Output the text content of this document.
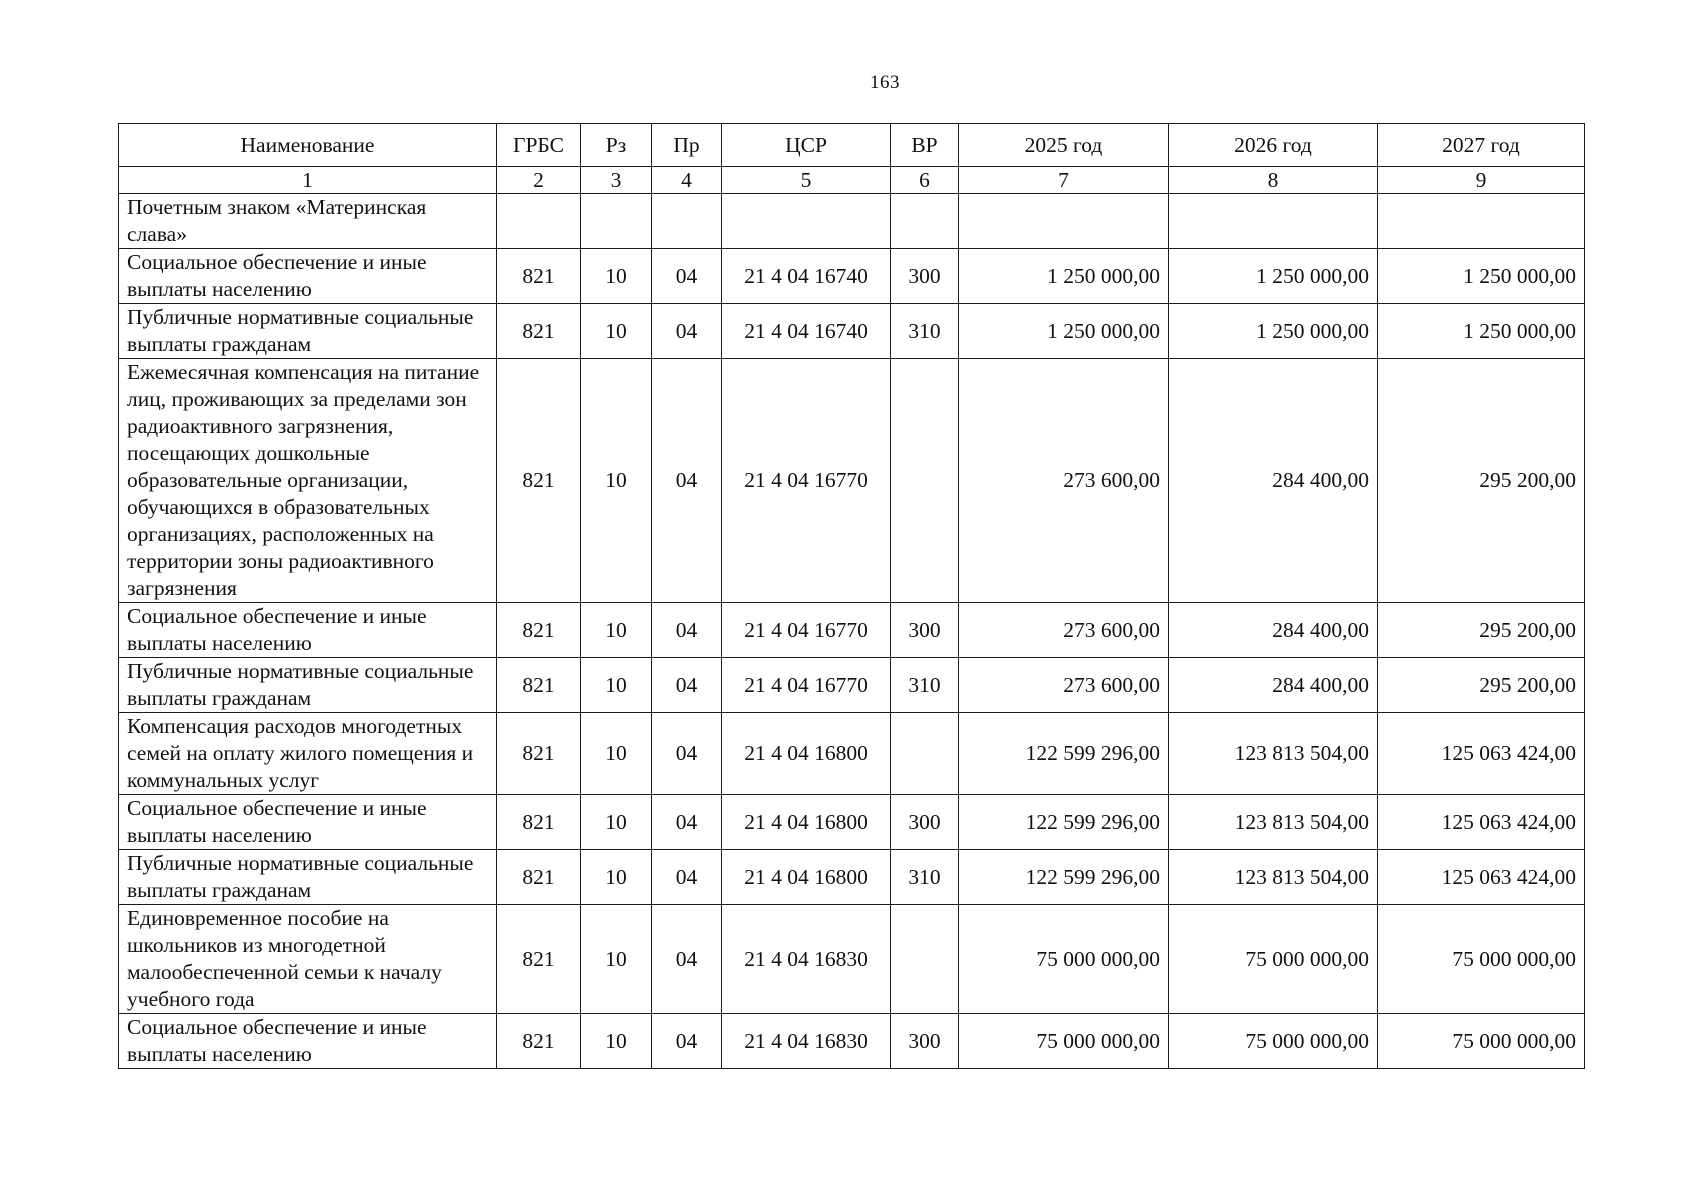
163
Наименование	ГРБС	Рз	Пр	ЦСР	ВР	2025 год	2026 год	2027 год
1	2	3	4	5	6	7	8	9
Почетным знаком «Материнская слава»								
Социальное обеспечение и иные выплаты населению	821	10	04	21 4 04 16740	300	1 250 000,00	1 250 000,00	1 250 000,00
Публичные нормативные социальные выплаты гражданам	821	10	04	21 4 04 16740	310	1 250 000,00	1 250 000,00	1 250 000,00
Ежемесячная компенсация на питание лиц, проживающих за пределами зон радиоактивного загрязнения, посещающих дошкольные образовательные организации, обучающихся в образовательных организациях, расположенных на территории зоны радиоактивного загрязнения	821	10	04	21 4 04 16770		273 600,00	284 400,00	295 200,00
Социальное обеспечение и иные выплаты населению	821	10	04	21 4 04 16770	300	273 600,00	284 400,00	295 200,00
Публичные нормативные социальные выплаты гражданам	821	10	04	21 4 04 16770	310	273 600,00	284 400,00	295 200,00
Компенсация расходов многодетных семей на оплату жилого помещения и коммунальных услуг	821	10	04	21 4 04 16800		122 599 296,00	123 813 504,00	125 063 424,00
Социальное обеспечение и иные выплаты населению	821	10	04	21 4 04 16800	300	122 599 296,00	123 813 504,00	125 063 424,00
Публичные нормативные социальные выплаты гражданам	821	10	04	21 4 04 16800	310	122 599 296,00	123 813 504,00	125 063 424,00
Единовременное пособие на школьников из многодетной малообеспеченной семьи к началу учебного года	821	10	04	21 4 04 16830		75 000 000,00	75 000 000,00	75 000 000,00
Социальное обеспечение и иные выплаты населению	821	10	04	21 4 04 16830	300	75 000 000,00	75 000 000,00	75 000 000,00
